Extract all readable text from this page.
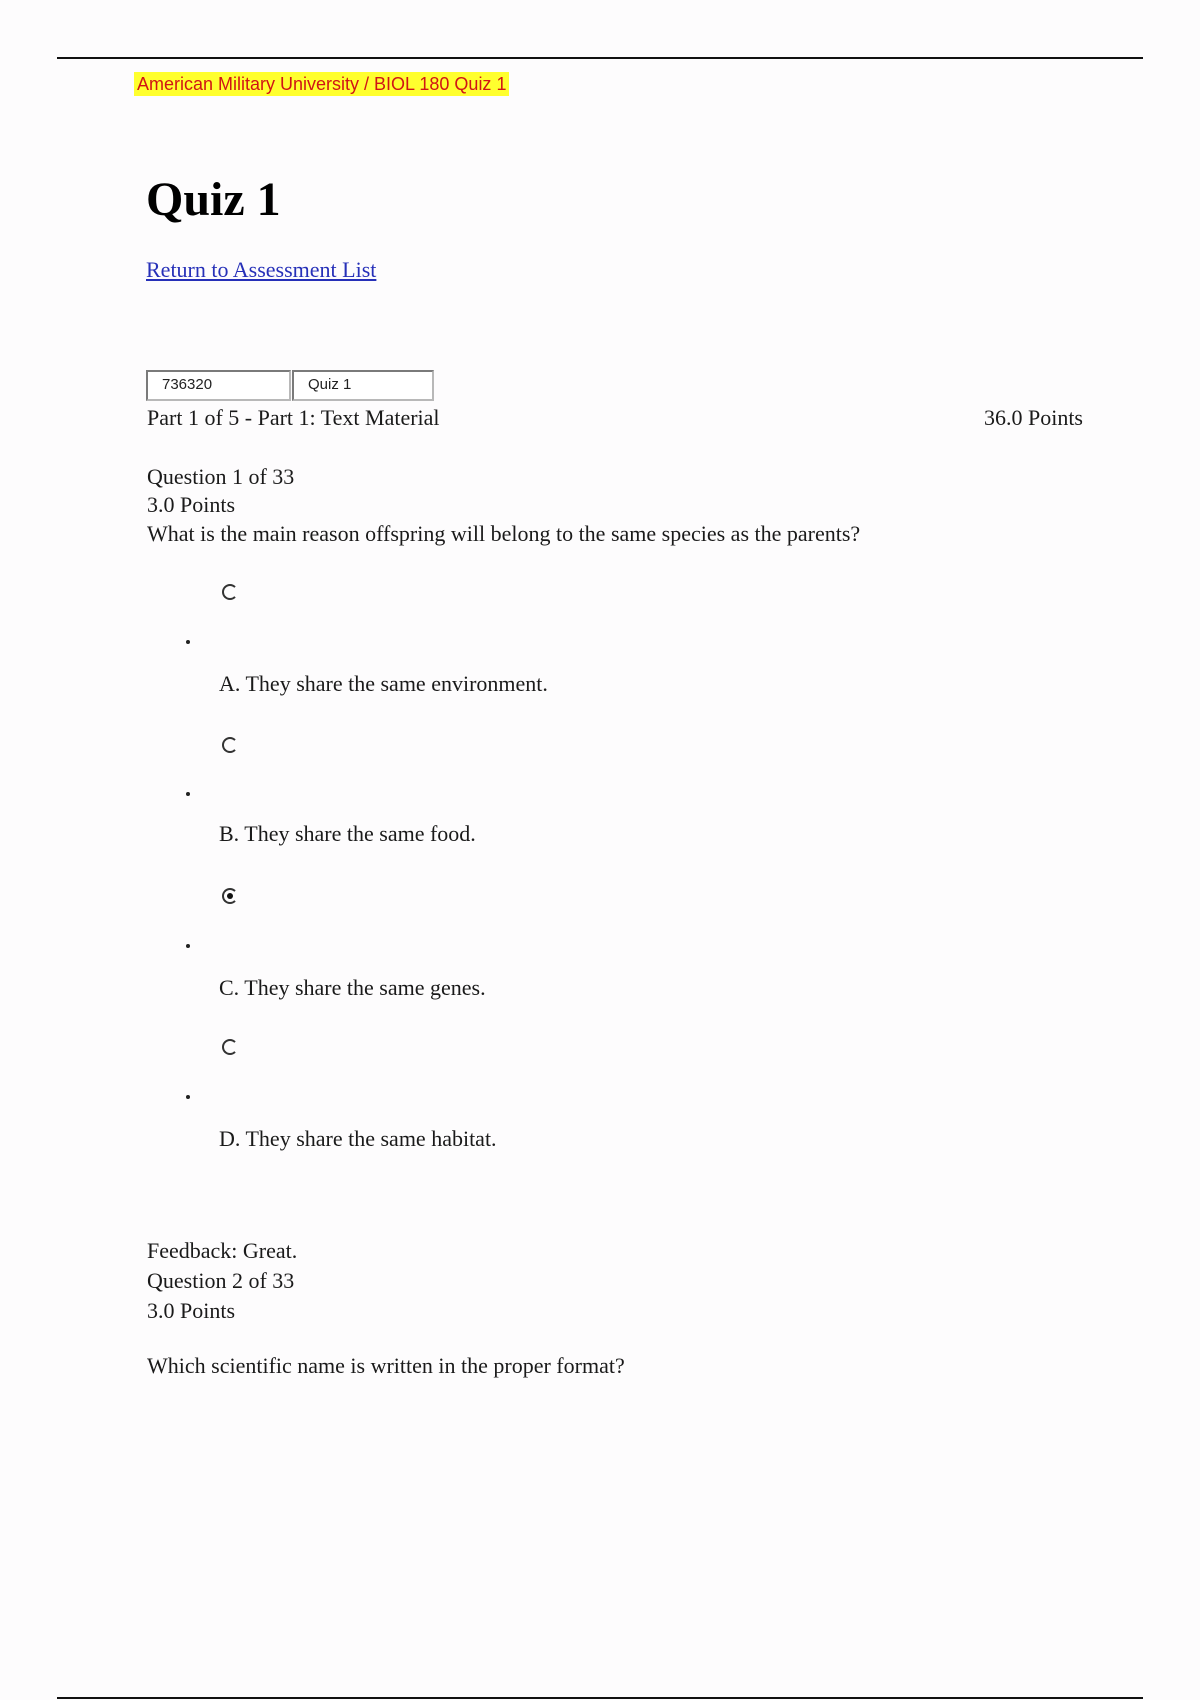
American Military University / BIOL 180 Quiz 1
Quiz 1
Return to Assessment List
736320	Quiz 1
Part 1 of 5 - Part 1: Text Material	36.0 Points
Question 1 of 33
3.0 Points
What is the main reason offspring will belong to the same species as the parents?
A. They share the same environment.
B. They share the same food.
C. They share the same genes.
D. They share the same habitat.
Feedback: Great.
Question 2 of 33
3.0 Points
Which scientific name is written in the proper format?
